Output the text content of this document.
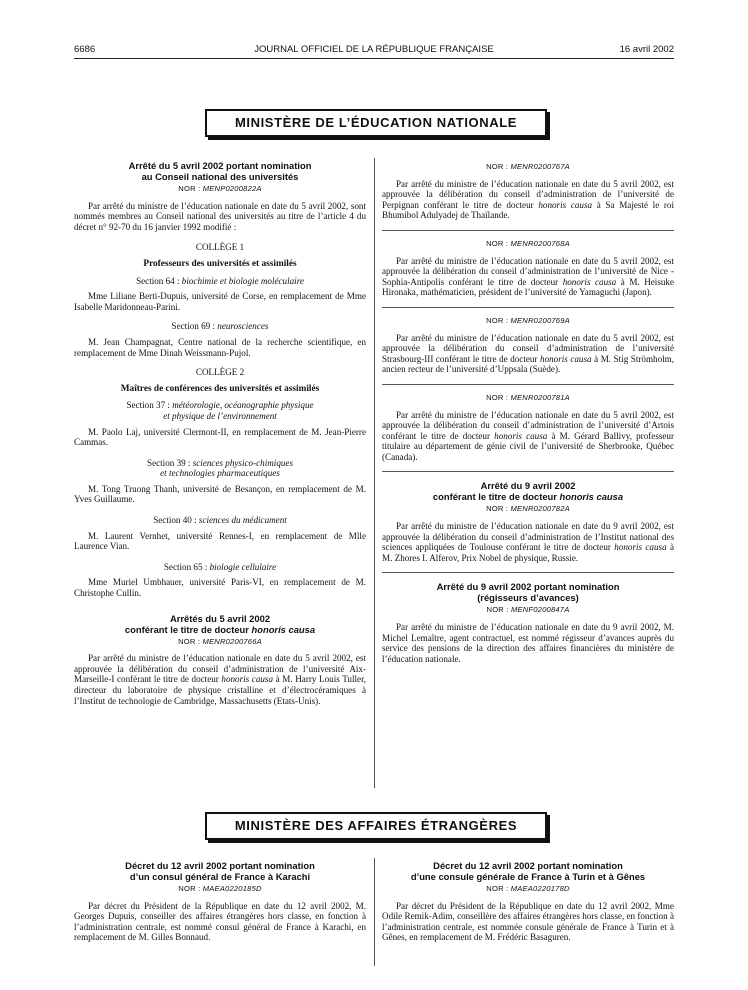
6686	JOURNAL OFFICIEL DE LA RÉPUBLIQUE FRANÇAISE	16 avril 2002
MINISTÈRE DE L’ÉDUCATION NATIONALE
Arrêté du 5 avril 2002 portant nomination
au Conseil national des universités
NOR : MENP0200822A

Par arrêté du ministre de l’éducation nationale en date du 5 avril 2002, sont nommés membres au Conseil national des universités au titre de l’article 4 du décret n° 92-70 du 16 janvier 1992 modifié :

COLLÈGE 1
Professeurs des universités et assimilés
Section 64 : biochimie et biologie moléculaire

Mme Liliane Berti-Dupuis, université de Corse, en remplacement de Mme Isabelle Maridonneau-Parini.

Section 69 : neurosciences

M. Jean Champagnat, Centre national de la recherche scientifique, en remplacement de Mme Dinah Weissmann-Pujol.

COLLÈGE 2
Maîtres de conférences des universités et assimilés
Section 37 : météorologie, océanographie physique
et physique de l’environnement

M. Paolo Laj, université Clermont-II, en remplacement de M. Jean-Pierre Cammas.

Section 39 : sciences physico-chimiques
et technologies pharmaceutiques

M. Tong Truong Thanh, université de Besançon, en remplacement de M. Yves Guillaume.

Section 40 : sciences du médicament

M. Laurent Vernhet, université Rennes-I, en remplacement de Mlle Laurence Vian.

Section 65 : biologie cellulaire

Mme Muriel Umbhauer, université Paris-VI, en remplacement de M. Christophe Cullin.

Arrêtés du 5 avril 2002
conférant le titre de docteur honoris causa
NOR : MENR0200766A

Par arrêté du ministre de l’éducation nationale en date du 5 avril 2002, est approuvée la délibération du conseil d’administration de l’université Aix-Marseille-I conférant le titre de docteur honoris causa à M. Harry Louis Tuller, directeur du laboratoire de physique cristalline et d’électrocéramiques à l’Institut de technologie de Cambridge, Massachusetts (Etats-Unis).

NOR : MENR0200767A

Par arrêté du ministre de l’éducation nationale en date du 5 avril 2002, est approuvée la délibération du conseil d’administration de l’université de Perpignan conférant le titre de docteur honoris causa à Sa Majesté le roi Bhumibol Adulyadej de Thaïlande.

NOR : MENR0200768A

Par arrêté du ministre de l’éducation nationale en date du 5 avril 2002, est approuvée la délibération du conseil d’administration de l’université de Nice - Sophia-Antipolis conférant le titre de docteur honoris causa à M. Heisuke Hironaka, mathématicien, président de l’université de Yamaguchi (Japon).

NOR : MENR0200769A

Par arrêté du ministre de l’éducation nationale en date du 5 avril 2002, est approuvée la délibération du conseil d’administration de l’université Strasbourg-III conférant le titre de docteur honoris causa à M. Stig Strömholm, ancien recteur de l’université d’Uppsala (Suède).

NOR : MENR0200781A

Par arrêté du ministre de l’éducation nationale en date du 5 avril 2002, est approuvée la délibération du conseil d’administration de l’université d’Artois conférant le titre de docteur honoris causa à M. Gérard Ballivy, professeur titulaire au département de génie civil de l’université de Sherbrooke, Québec (Canada).

Arrêté du 9 avril 2002
conférant le titre de docteur honoris causa
NOR : MENR0200782A

Par arrêté du ministre de l’éducation nationale en date du 9 avril 2002, est approuvée la délibération du conseil d’administration de l’Institut national des sciences appliquées de Toulouse conférant le titre de docteur honoris causa à M. Zhores I. Alferov, Prix Nobel de physique, Russie.

Arrêté du 9 avril 2002 portant nomination
(régisseurs d’avances)
NOR : MENF0200847A

Par arrêté du ministre de l’éducation nationale en date du 9 avril 2002, M. Michel Lemaître, agent contractuel, est nommé régisseur d’avances auprès du service des pensions de la direction des affaires financières du ministère de l’éducation nationale.

MINISTÈRE DES AFFAIRES ÉTRANGÈRES
Décret du 12 avril 2002 portant nomination
d’un consul général de France à Karachi
NOR : MAEA0220185D

Par décret du Président de la République en date du 12 avril 2002, M. Georges Dupuis, conseiller des affaires étrangères hors classe, en fonction à l’administration centrale, est nommé consul général de France à Karachi, en remplacement de M. Gilles Bonnaud.

Décret du 12 avril 2002 portant nomination
d’une consule générale de France à Turin et à Gênes
NOR : MAEA0220178D

Par décret du Président de la République en date du 12 avril 2002, Mme Odile Remik-Adim, conseillère des affaires étrangères hors classe, en fonction à l’administration centrale, est nommée consule générale de France à Turin et à Gênes, en remplacement de M. Frédéric Basaguren.
